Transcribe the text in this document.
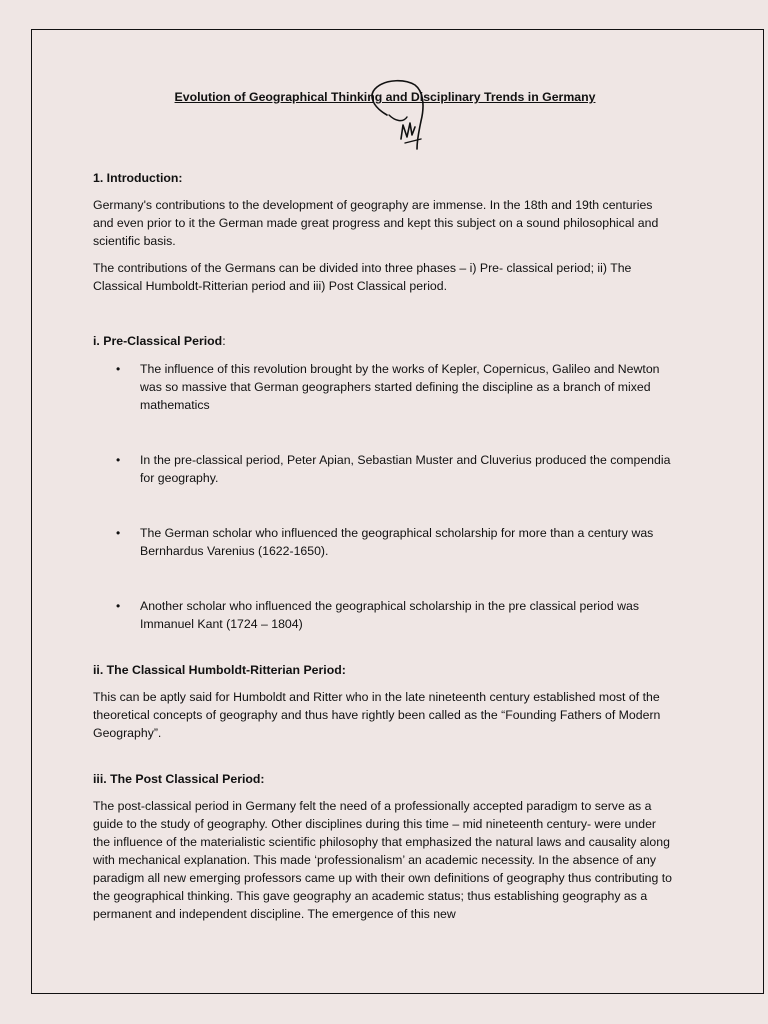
Evolution of Geographical Thinking and Disciplinary Trends in Germany
1. Introduction:

Germany's contributions to the development of geography are immense. In the 18th and 19th centuries and even prior to it the German made great progress and kept this subject on a sound philosophical and scientific basis.

The contributions of the Germans can be divided into three phases – i) Pre- classical period; ii) The Classical Humboldt-Ritterian period and iii) Post Classical period.

i. Pre-Classical Period:
• The influence of this revolution brought by the works of Kepler, Copernicus, Galileo and Newton was so massive that German geographers started defining the discipline as a branch of mixed mathematics
• In the pre-classical period, Peter Apian, Sebastian Muster and Cluverius produced the compendia for geography.
• The German scholar who influenced the geographical scholarship for more than a century was Bernhardus Varenius (1622-1650).
• Another scholar who influenced the geographical scholarship in the pre classical period was Immanuel Kant (1724 – 1804)
ii. The Classical Humboldt-Ritterian Period:

This can be aptly said for Humboldt and Ritter who in the late nineteenth century established most of the theoretical concepts of geography and thus have rightly been called as the “Founding Fathers of Modern Geography”.

iii. The Post Classical Period:

The post-classical period in Germany felt the need of a professionally accepted paradigm to serve as a guide to the study of geography. Other disciplines during this time – mid nineteenth century- were under the influence of the materialistic scientific philosophy that emphasized the natural laws and causality along with mechanical explanation. This made ‘professionalism’ an academic necessity. In the absence of any paradigm all new emerging professors came up with their own definitions of geography thus contributing to the geographical thinking. This gave geography an academic status; thus establishing geography as a permanent and independent discipline. The emergence of this new
